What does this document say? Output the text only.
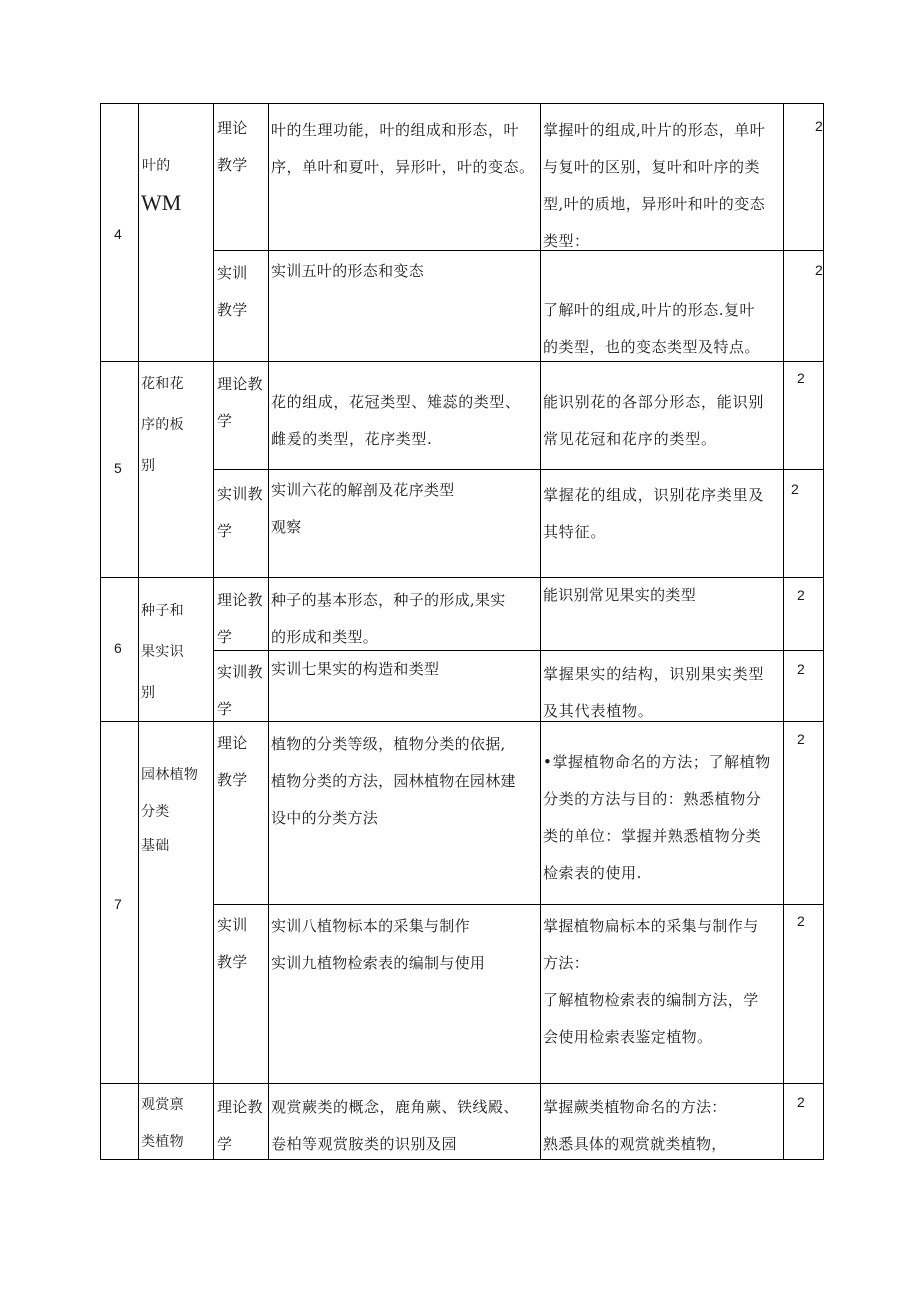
4
叶的
WM
理论
教学
叶的生理功能，叶的组成和形态，叶
序，单叶和夏叶，异形叶，叶的变态。
掌握叶的组成,叶片的形态，单叶
与复叶的区别，复叶和叶序的类
型,叶的质地，异形叶和叶的变态
类型：
2
实训
教学
实训五叶的形态和变态
了解叶的组成,叶片的形态.复叶
的类型，也的变态类型及特点。
2
5
花和花
序的板
别
理论教
学
花的组成，花冠类型、雉蕊的类型、
雌爰的类型，花序类型.
能识别花的各部分形态，能识别
常见花冠和花序的类型。
2
实训教
学
实训六花的解剖及花序类型
观察
掌握花的组成，识别花序类里及
其特征。
2
6
种子和
果实识
别
理论教
学
种子的基本形态，种子的形成,果实
的形成和类型。
能识别常见果实的类型	2
实训教
学
实训七果实的构造和类型	掌握果实的结构，识别果实类型
及其代表植物。
2
7
园林植物
分类
基础
理论
教学
植物的分类等级，植物分类的依据,
植物分类的方法，园林植物在园林建
设中的分类方法
•掌握植物命名的方法；了解植物
分类的方法与目的：熟悉植物分
类的单位：掌握并熟悉植物分类
检索表的使用.
2
实训
教学
实训八植物标本的采集与制作
实训九植物检索表的编制与使用
掌握植物扁标本的采集与制作与
方法：
了解植物检索表的编制方法，学
会使用检索表鉴定植物。
2
观赏禀
类植物
理论教
学
观赏蕨类的概念，鹿角蕨、铁线殿、
卷柏等观赏胺类的识别及园
掌握蕨类植物命名的方法：
熟悉具体的观赏就类植物，
2
